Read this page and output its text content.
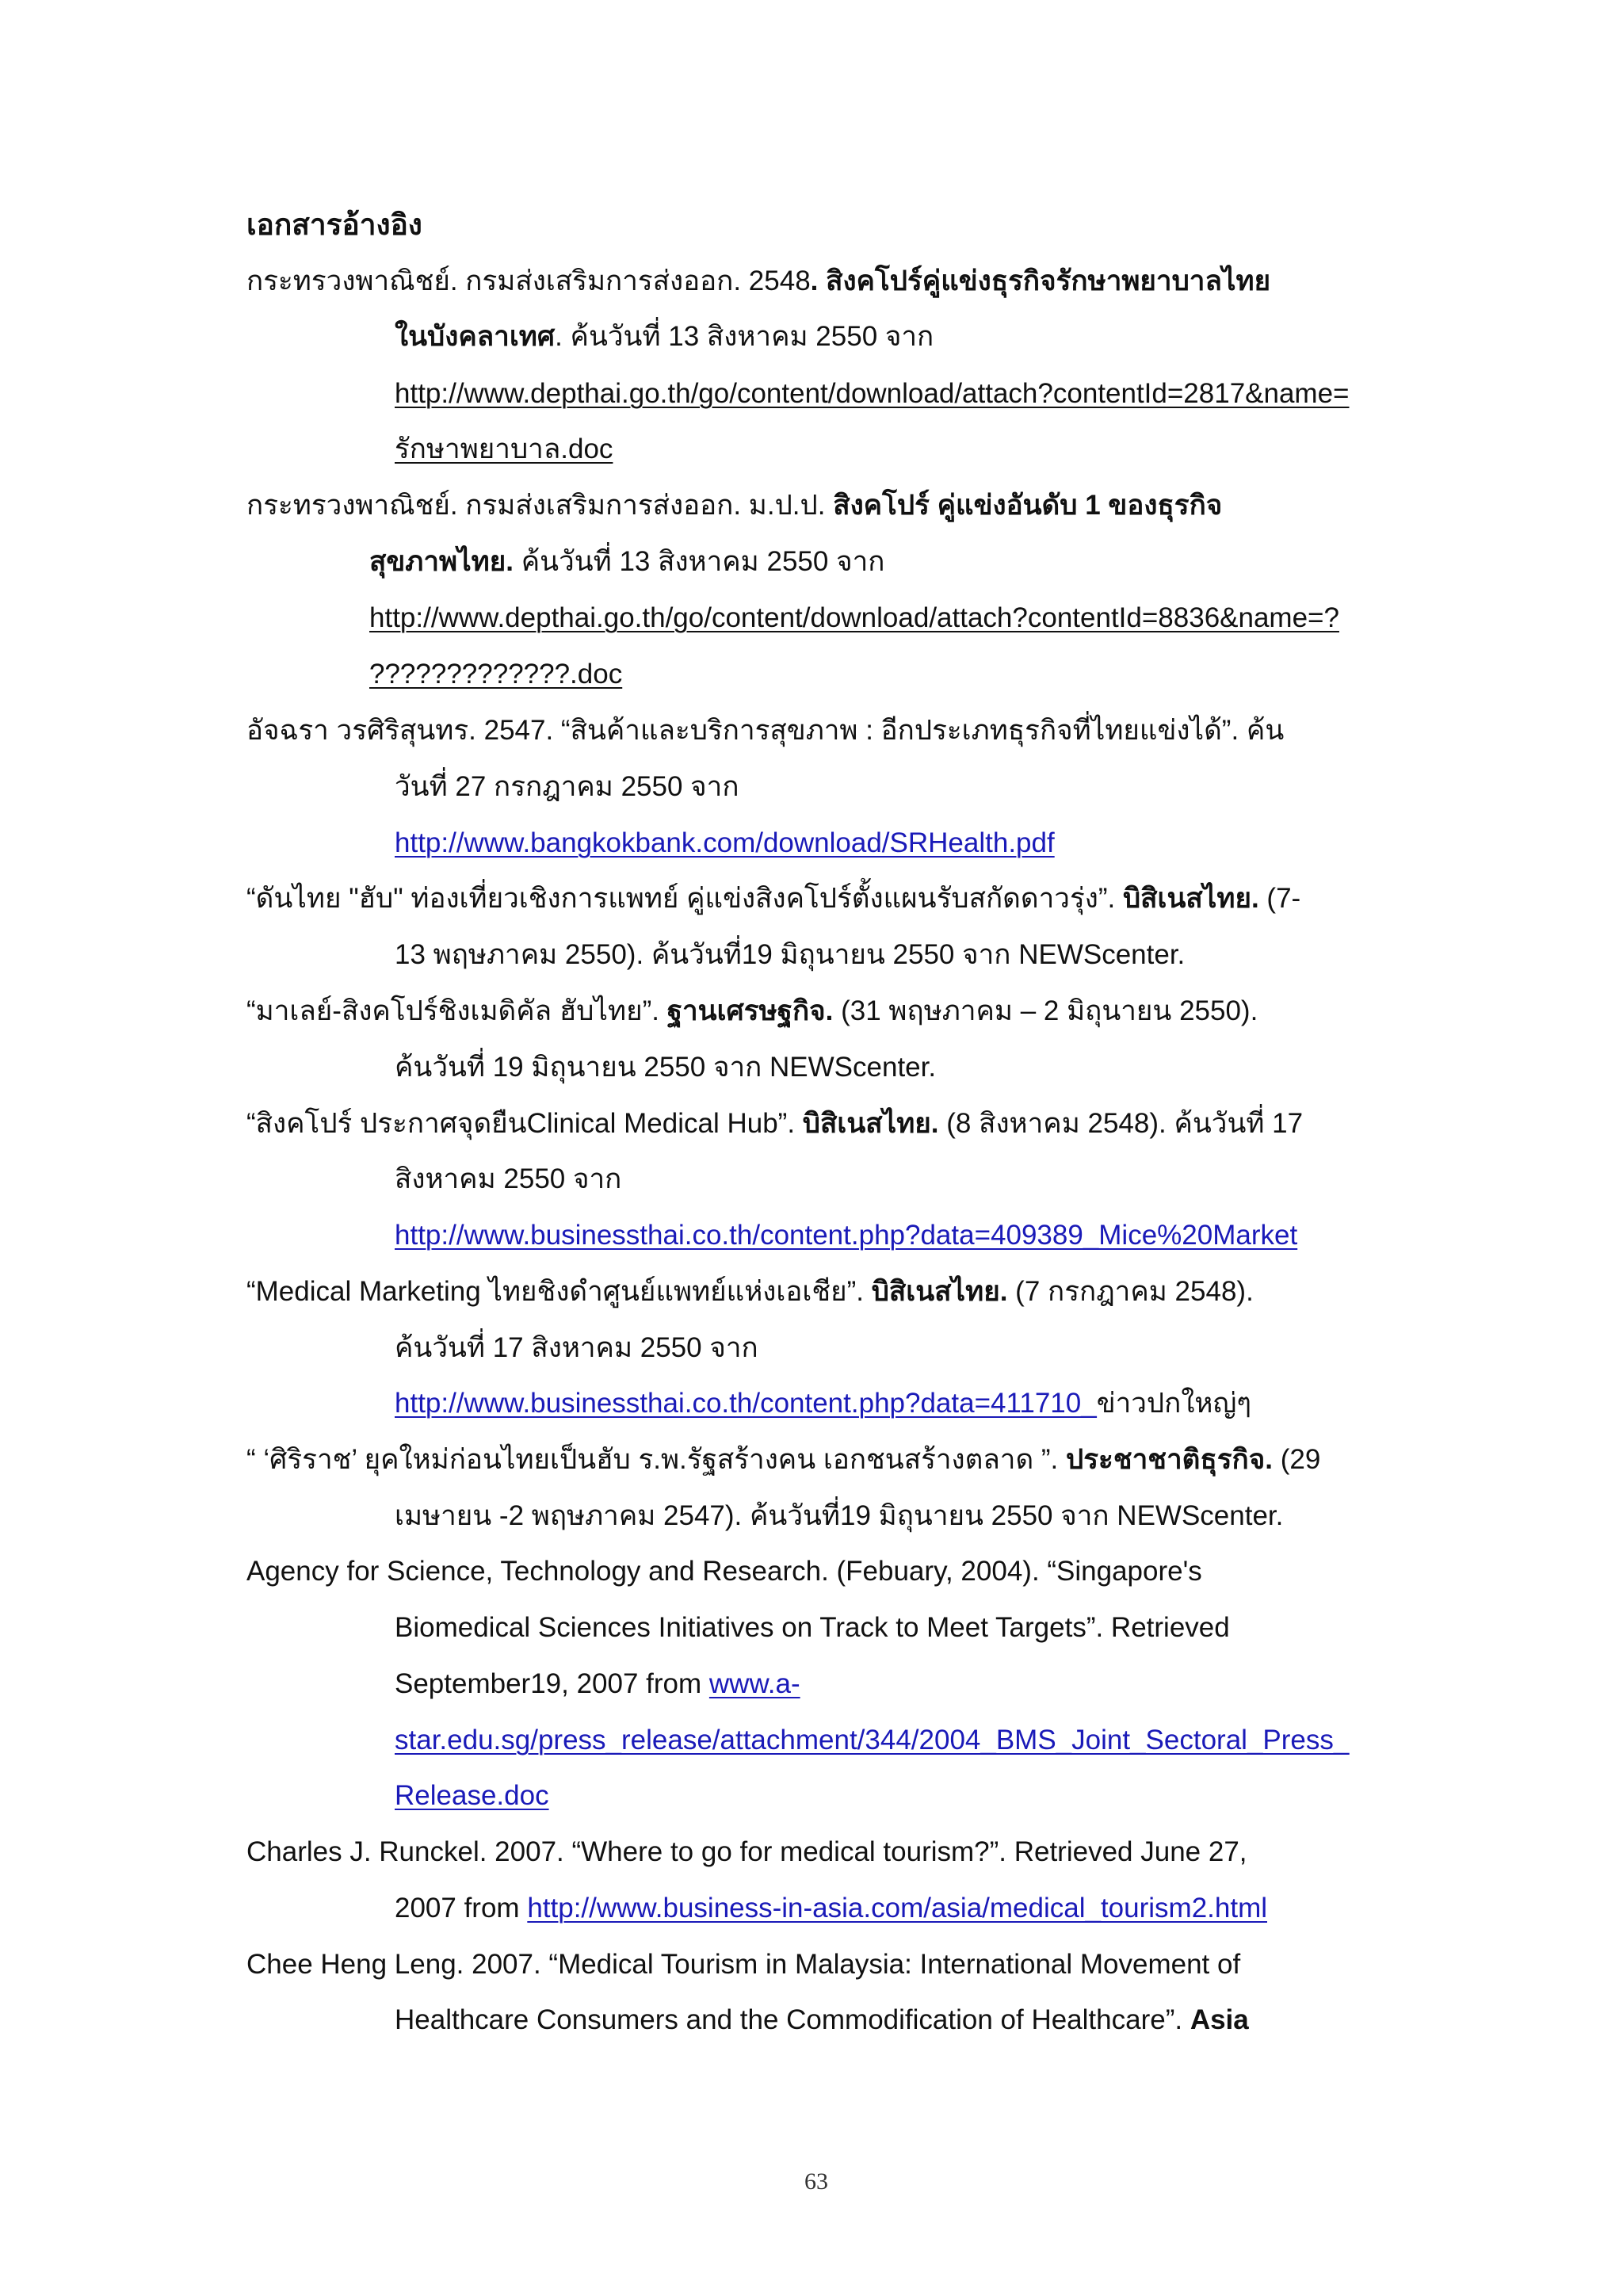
เอกสารอ้างอิง
กระทรวงพาณิชย์. กรมส่งเสริมการส่งออก. 2548. สิงคโปร์คู่แข่งธุรกิจรักษาพยาบาลไทย
ในบังคลาเทศ. ค้นวันที่ 13 สิงหาคม 2550 จาก
http://www.depthai.go.th/go/content/download/attach?contentId=2817&name=
รักษาพยาบาล.doc
กระทรวงพาณิชย์. กรมส่งเสริมการส่งออก. ม.ป.ป. สิงคโปร์ คู่แข่งอันดับ 1 ของธุรกิจ
สุขภาพไทย. ค้นวันที่ 13 สิงหาคม 2550 จาก
http://www.depthai.go.th/go/content/download/attach?contentId=8836&name=?
?????????????.doc
อัจฉรา วรศิริสุนทร. 2547. “สินค้าและบริการสุขภาพ : อีกประเภทธุรกิจที่ไทยแข่งได้”. ค้น
วันที่ 27 กรกฎาคม 2550 จาก
http://www.bangkokbank.com/download/SRHealth.pdf
“ดันไทย "ฮับ" ท่องเที่ยวเชิงการแพทย์ คู่แข่งสิงคโปร์ตั้งแผนรับสกัดดาวรุ่ง”. บิสิเนสไทย. (7-
13 พฤษภาคม 2550). ค้นวันที่19 มิถุนายน 2550 จาก NEWScenter.
“มาเลย์-สิงคโปร์ชิงเมดิคัล ฮับไทย”. ฐานเศรษฐกิจ. (31 พฤษภาคม – 2 มิถุนายน 2550).
ค้นวันที่ 19 มิถุนายน 2550 จาก NEWScenter.
“สิงคโปร์ ประกาศจุดยืนClinical Medical Hub”. บิสิเนสไทย. (8 สิงหาคม 2548). ค้นวันที่ 17
สิงหาคม 2550 จาก
http://www.businessthai.co.th/content.php?data=409389_Mice%20Market
“Medical Marketing ไทยชิงดำศูนย์แพทย์แห่งเอเชีย”. บิสิเนสไทย. (7 กรกฎาคม 2548).
ค้นวันที่ 17 สิงหาคม 2550 จาก
http://www.businessthai.co.th/content.php?data=411710_ข่าวปกใหญ่ๆ
“ ‘ศิริราช’ ยุคใหม่ก่อนไทยเป็นฮับ ร.พ.รัฐสร้างคน เอกชนสร้างตลาด ”. ประชาชาติธุรกิจ. (29
เมษายน -2 พฤษภาคม 2547). ค้นวันที่19 มิถุนายน 2550 จาก NEWScenter.
Agency for Science, Technology and Research. (Febuary, 2004). “Singapore's
Biomedical Sciences Initiatives on Track to Meet Targets”. Retrieved
September19, 2007 from www.a-
star.edu.sg/press_release/attachment/344/2004_BMS_Joint_Sectoral_Press_
Release.doc
Charles J. Runckel. 2007. “Where to go for medical tourism?”. Retrieved June 27,
2007 from http://www.business-in-asia.com/asia/medical_tourism2.html
Chee Heng Leng. 2007. “Medical Tourism in Malaysia: International Movement of
Healthcare Consumers and the Commodification of Healthcare”. Asia
63
